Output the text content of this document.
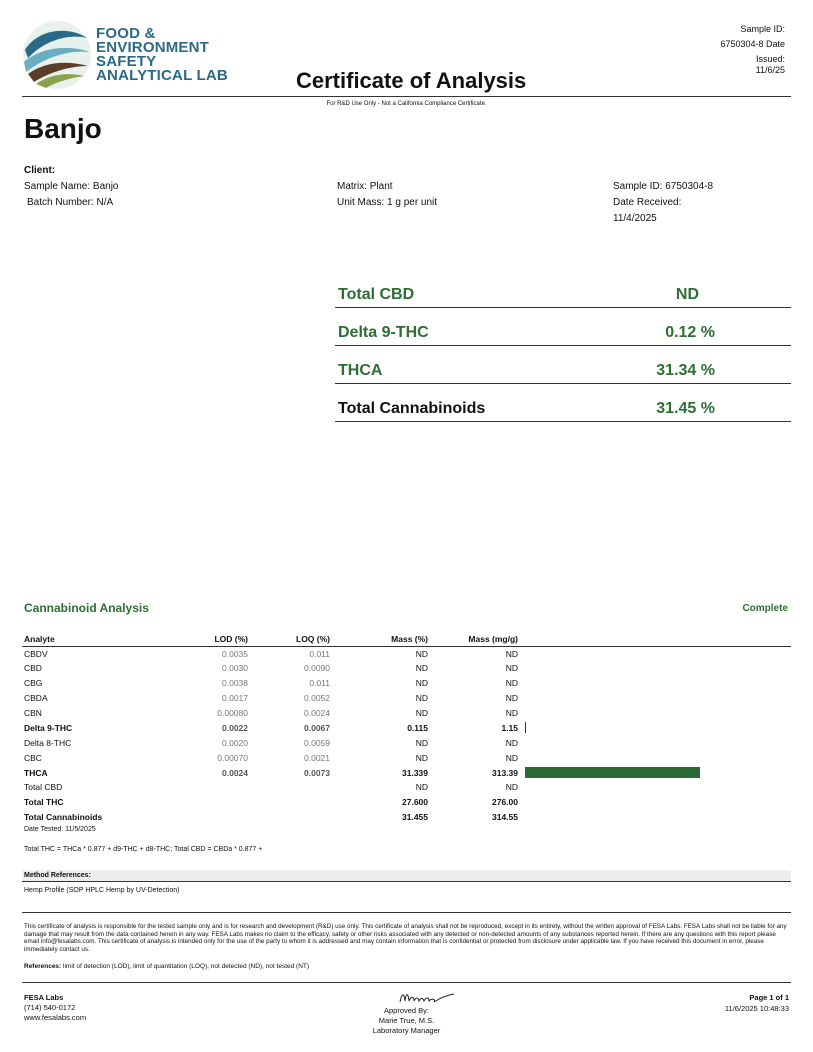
FOOD &
ENVIRONMENT
SAFETY
ANALYTICAL LAB	Certificate of Analysis
Sample ID:
6750304-8 Date
Issued:
11/6/25
For R&D Use Only - Not a California Compliance Certificate.
Banjo
Client:
Sample Name: Banjo
Batch Number: N/A
Matrix: Plant
Unit Mass: 1 g per unit
Sample ID: 6750304-8
Date Received:
11/4/2025
Total CBD	ND
Delta 9-THC	0.12 %
THCA	31.34 %
Total Cannabinoids	31.45 %
Cannabinoid Analysis	Complete
Analyte	LOD (%)	LOQ (%)	Mass (%)	Mass (mg/g)	
CBDV	0.0035	0.011	ND	ND	
CBD	0.0030	0.0090	ND	ND	
CBG	0.0038	0.011	ND	ND	
CBDA	0.0017	0.0052	ND	ND	
CBN	0.00080	0.0024	ND	ND	
Delta 9-THC	0.0022	0.0067	0.115	1.15	

Delta 8-THC	0.0020	0.0059	ND	ND	
CBC	0.00070	0.0021	ND	ND	
THCA	0.0024	0.0073	31.339	313.39	

Total CBD			ND	ND	
Total THC			27.600	276.00	
Total Cannabinoids			31.455	314.55	
Date Tested: 11/5/2025
Total THC = THCa * 0.877 + d9-THC + d8-THC; Total CBD = CBDa * 0.877 +
Method References:
Hemp Profile (SOP HPLC Hemp by UV-Detection)
This certificate of analysis is responsible for the tested sample only and is for research and development (R&D) use only. This certificate of analysis shall not be reproduced, except in its entirety, without the written approval of FESA Labs. FESA Labs shall not be liable for any damage that may result from the data contained herein in any way. FESA Labs makes no claim to the efficacy, safety or other risks associated with any detected or non-detected amounts of any substances reported herein. If there are any questions with this report please email info@fesalabs.com. This certificate of analysis is intended only for the use of the party to whom it is addressed and may contain information that is confidential or protected from disclosure under applicable law. If you have received this document in error, please immediately contact us.
References: limit of detection (LOD), limit of quantitation (LOQ), not detected (ND), not tested (NT)
FESA Labs
(714) 540-0172
www.fesalabs.com
Maries
Approved By:
Marie True, M.S.
Laboratory Manager
Page 1 of 1
11/6/2025 10:48:33
